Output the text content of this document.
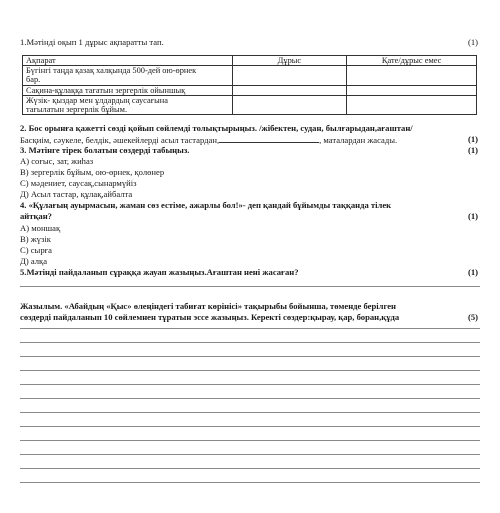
1.Мәтінді оқып 1 дұрыс ақпаратты тап.	(1)
Ақпарат	Дұрыс	Қате/дұрыс емес

Бүгінгі таңда қазақ халқында 500-дей ою-өрнек
бар.		

Сақина-құлаққа тағатын зергерлік ойыншық		

Жүзік- қыздар мен ұлдардың саусағына
тағылатын зергерлік бұйым.		

2. Бос орынға қажетті сөзді қойып сөйлемді толықтырыңыз. /жібектен, судан, былғарыдан,ағаштан/
Басқиім, сәукеле, белдік, әшекейлерді асыл тастардан,	, маталардан жасады.	(1)
3. Мәтінге тірек болатын сөздерді табыңыз.	(1)
А) соғыс, зат, жиһаз
В) зергерлік бұйым, ою-өрнек, қолөнер
С) мәдениет, саусақ,сынармүйіз
Д) Асыл тастар, құлақ,айбалта
4. «Құлағың ауырмасын, жаман сөз естіме, ажарлы бол!»- деп қандай бұйымды таққанда тілек
айтқан?	(1)
А) моншақ
В) жүзік
С) сырға
Д) алқа
5.Мәтінді пайдаланып сұраққа жауап жазыңыз.Ағаштан нені жасаған?	(1)
Жазылым. «Абайдың «Қыс» өлеңіндегі табиғат көрінісі» тақырыбы бойынша, төменде берілген
сөздерді пайдаланып 10 сөйлемнен тұратын эссе жазыңыз. Керекті сөздер:қырау, қар, боран,құда	(5)
